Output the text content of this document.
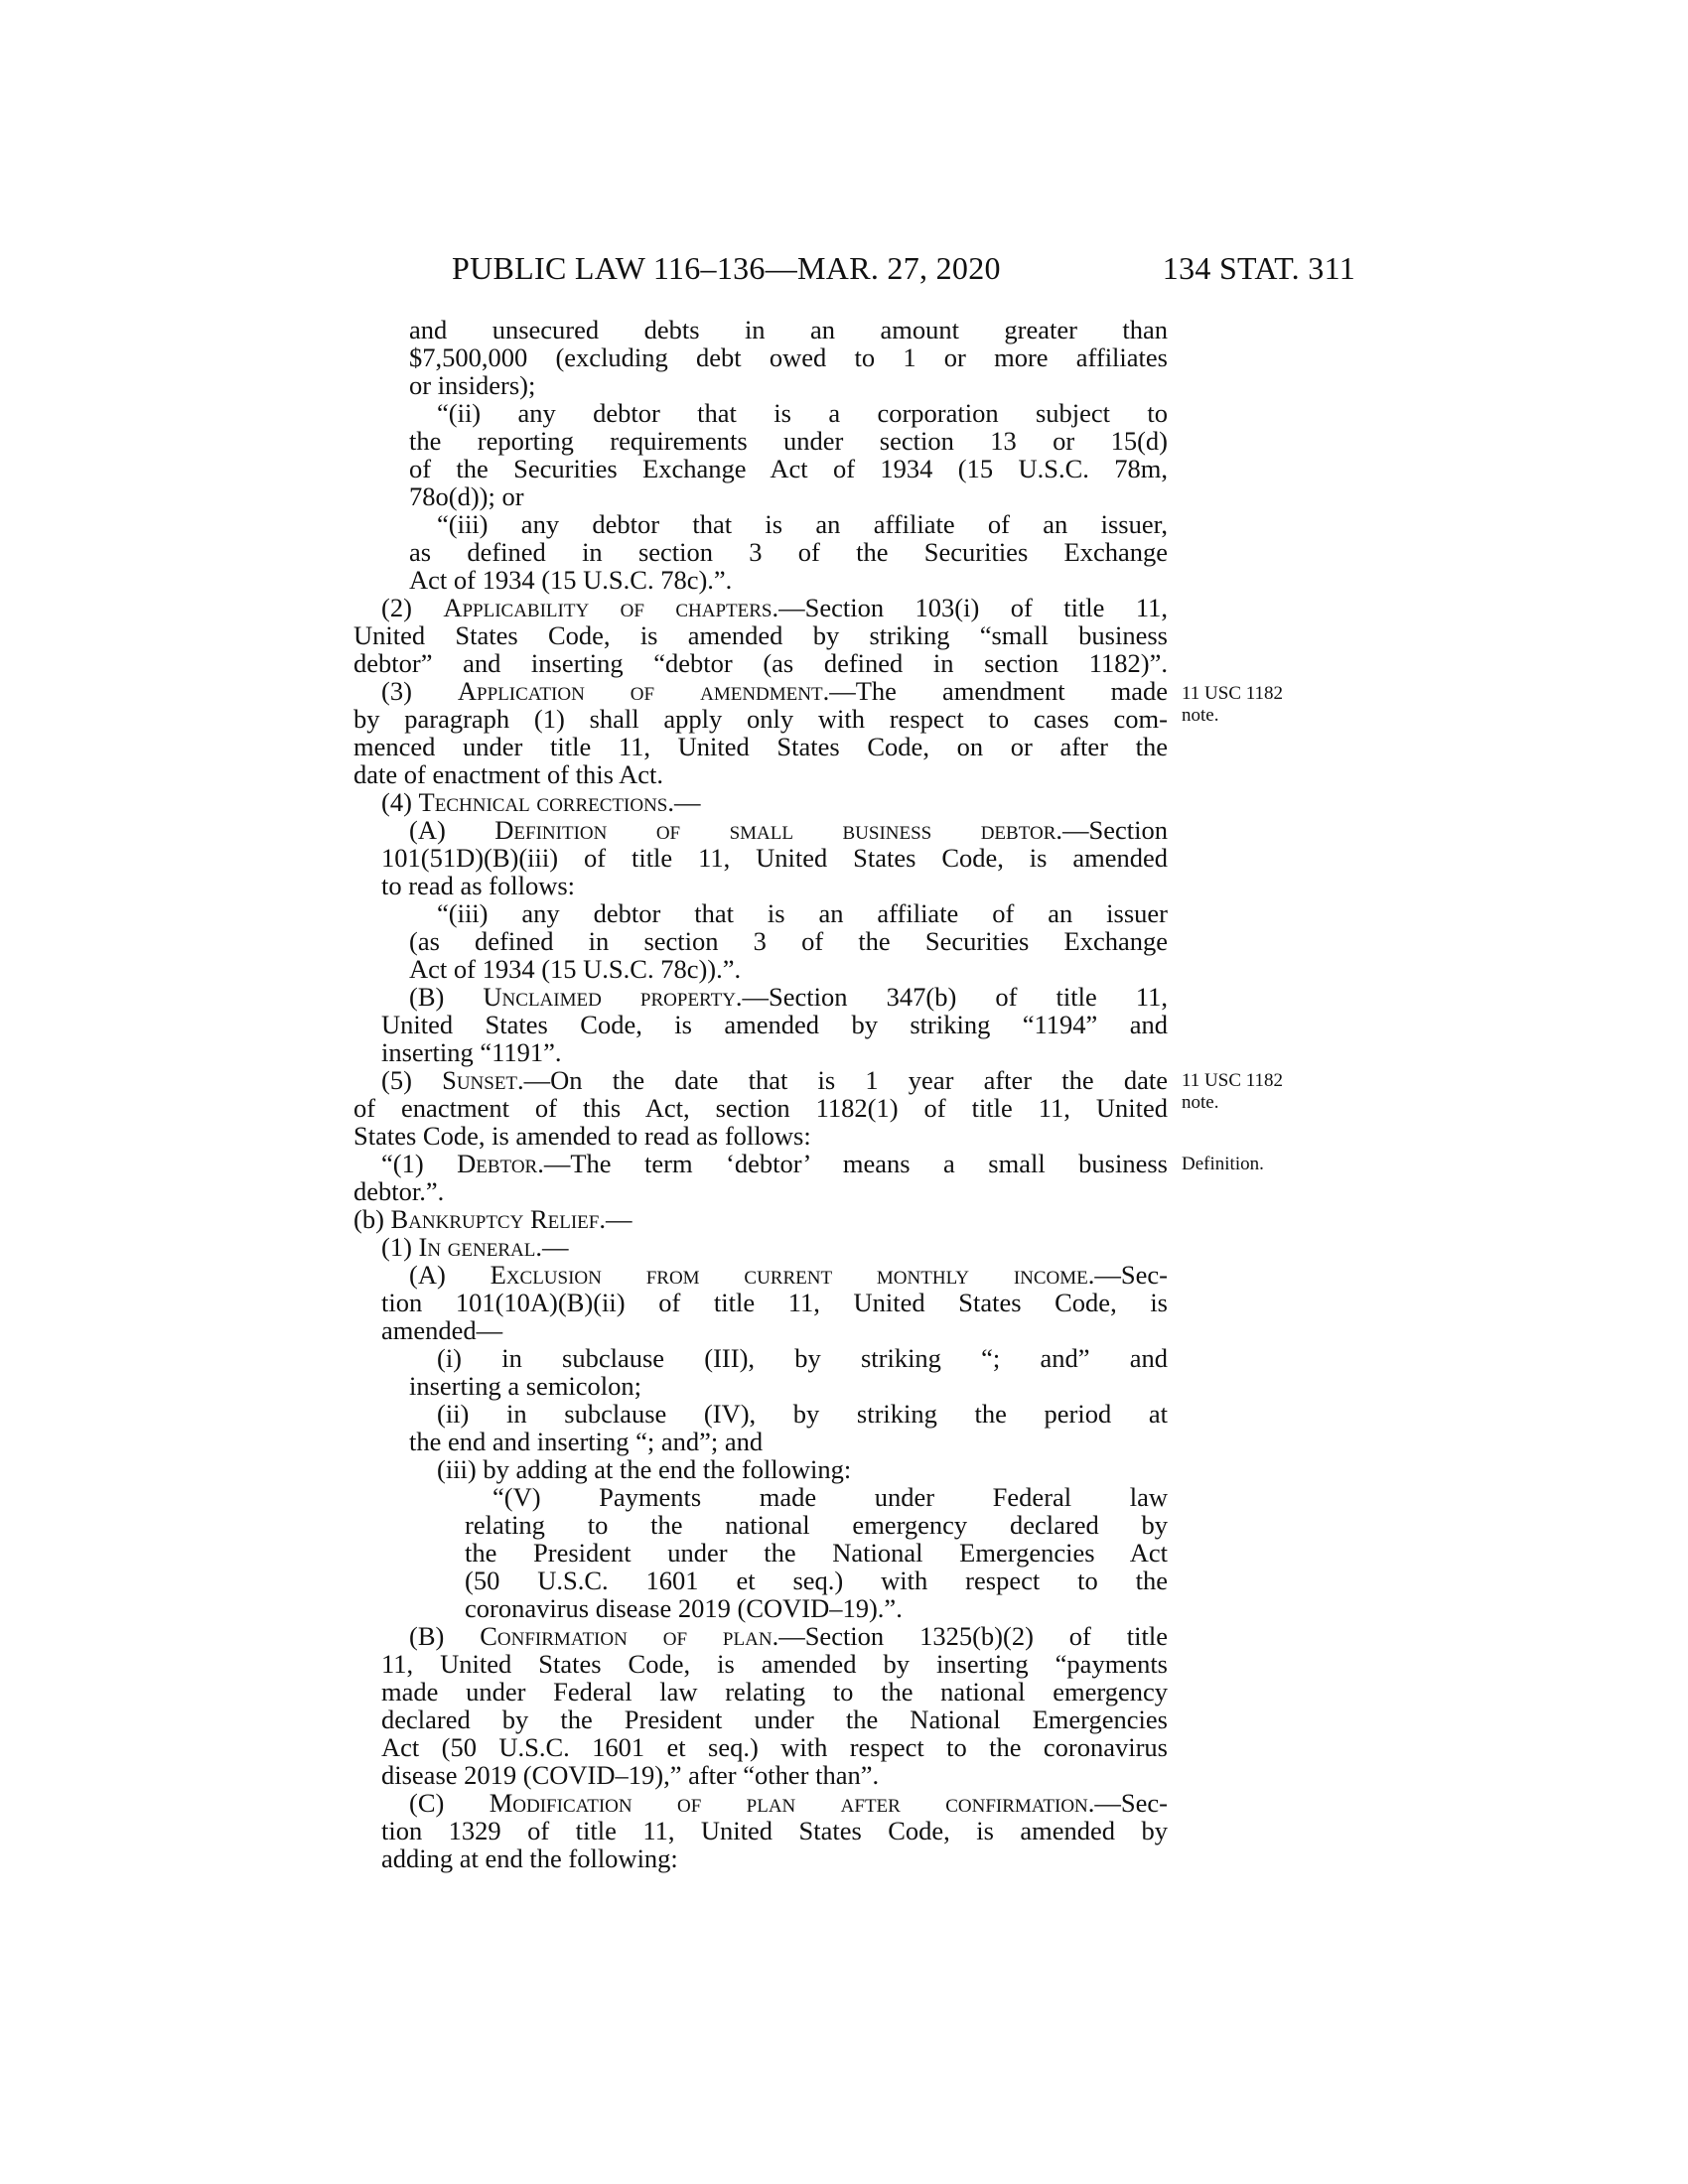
PUBLIC LAW 116–136—MAR. 27, 2020	134 STAT. 311
11 USC 1182
note.
11 USC 1182
note.
Definition.
and unsecured debts in an amount greater than
$7,500,000 (excluding debt owed to 1 or more affiliates
or insiders);
“(ii) any debtor that is a corporation subject to
the reporting requirements under section 13 or 15(d)
of the Securities Exchange Act of 1934 (15 U.S.C. 78m,
78o(d)); or
“(iii) any debtor that is an affiliate of an issuer,
as defined in section 3 of the Securities Exchange
Act of 1934 (15 U.S.C. 78c).”.
(2) Applicability of chapters.—Section 103(i) of title 11,
United States Code, is amended by striking “small business
debtor” and inserting “debtor (as defined in section 1182)”.
(3) Application of amendment.—The amendment made
by paragraph (1) shall apply only with respect to cases com-
menced under title 11, United States Code, on or after the
date of enactment of this Act.
(4) Technical corrections.—
(A) Definition of small business debtor.—Section
101(51D)(B)(iii) of title 11, United States Code, is amended
to read as follows:
“(iii) any debtor that is an affiliate of an issuer
(as defined in section 3 of the Securities Exchange
Act of 1934 (15 U.S.C. 78c)).”.
(B) Unclaimed property.—Section 347(b) of title 11,
United States Code, is amended by striking “1194” and
inserting “1191”.
(5) Sunset.—On the date that is 1 year after the date
of enactment of this Act, section 1182(1) of title 11, United
States Code, is amended to read as follows:
“(1) Debtor.—The term ‘debtor’ means a small business
debtor.”.
(b) Bankruptcy Relief.—
(1) In general.—
(A) Exclusion from current monthly income.—Sec-
tion 101(10A)(B)(ii) of title 11, United States Code, is
amended—
(i) in subclause (III), by striking “; and” and
inserting a semicolon;
(ii) in subclause (IV), by striking the period at
the end and inserting “; and”; and
(iii) by adding at the end the following:
“(V) Payments made under Federal law
relating to the national emergency declared by
the President under the National Emergencies Act
(50 U.S.C. 1601 et seq.) with respect to the
coronavirus disease 2019 (COVID–19).”.
(B) Confirmation of plan.—Section 1325(b)(2) of title
11, United States Code, is amended by inserting “payments
made under Federal law relating to the national emergency
declared by the President under the National Emergencies
Act (50 U.S.C. 1601 et seq.) with respect to the coronavirus
disease 2019 (COVID–19),” after “other than”.
(C) Modification of plan after confirmation.—Sec-
tion 1329 of title 11, United States Code, is amended by
adding at end the following:
